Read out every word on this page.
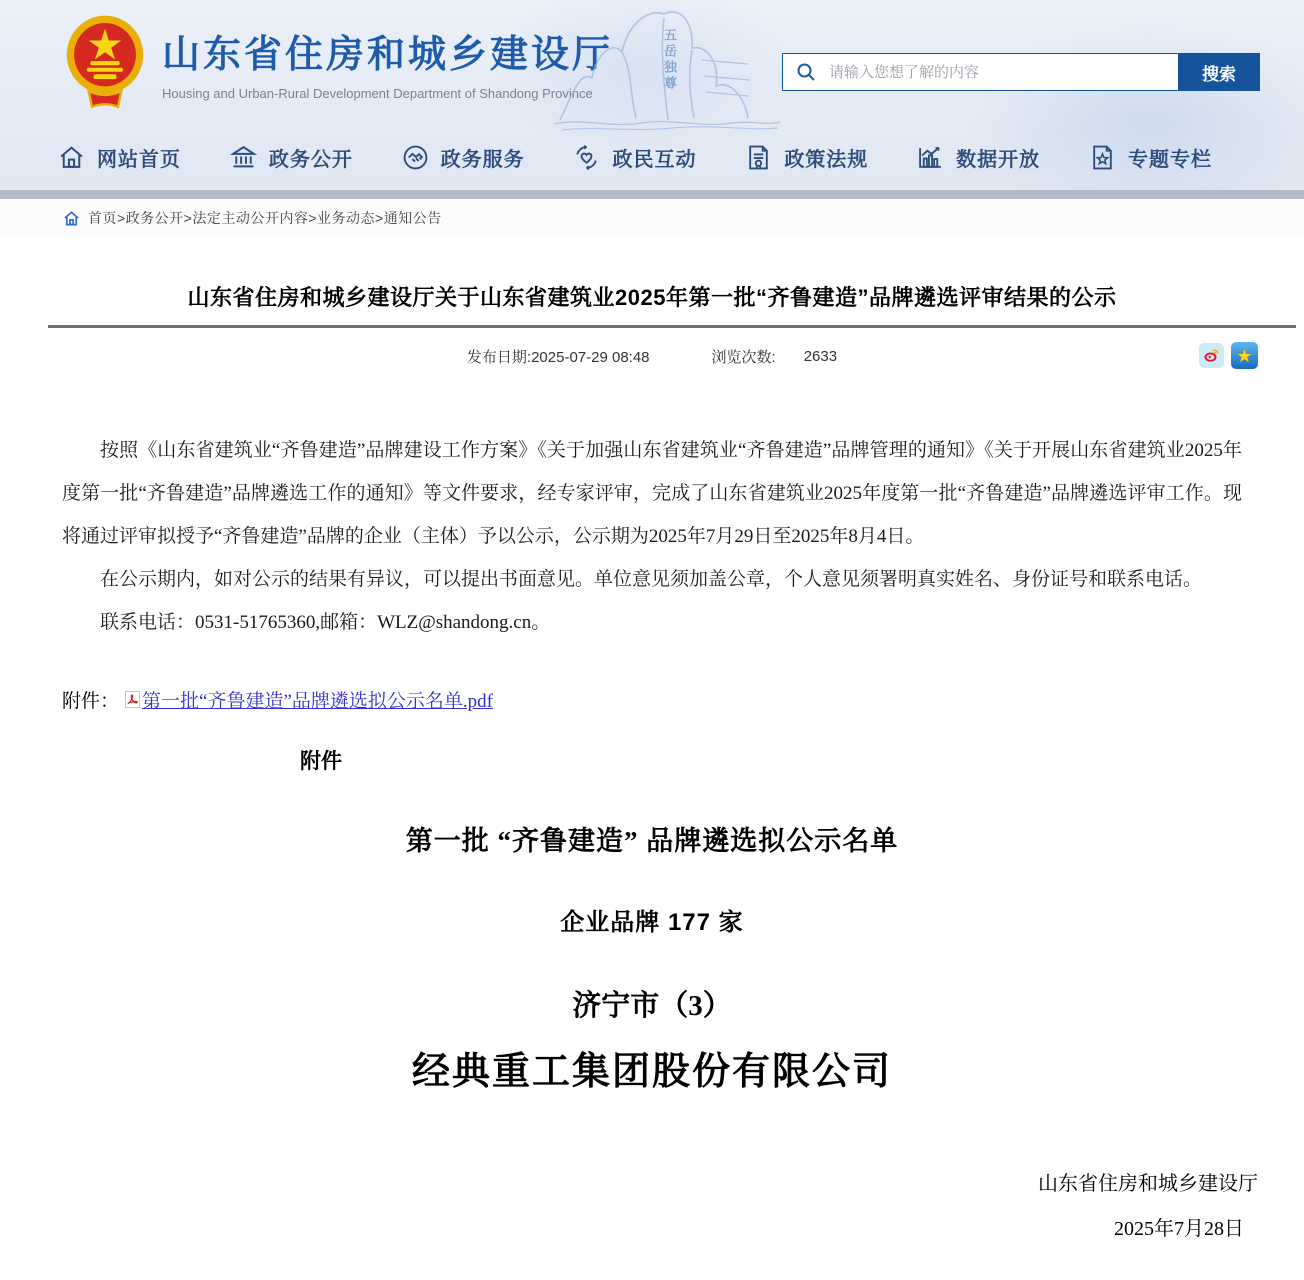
山东省住房和城乡建设厅
Housing and Urban-Rural Development Department of Shandong Province
五岳独尊
请输入您想了解的内容	搜索
网站首页	政务公开	政务服务	政民互动	政策法规	数据开放	专题专栏
首页>政务公开>法定主动公开内容>业务动态>通知公告
山东省住房和城乡建设厅关于山东省建筑业2025年第一批“齐鲁建造”品牌遴选评审结果的公示
发布日期:2025-07-29 08:48	浏览次数: 2633	★

按照《山东省建筑业“齐鲁建造”品牌建设工作方案》《关于加强山东省建筑业“齐鲁建造”品牌管理的通知》《关于开展山东省建筑业2025年度第一批“齐鲁建造”品牌遴选工作的通知》等文件要求，经专家评审，完成了山东省建筑业2025年度第一批“齐鲁建造”品牌遴选评审工作。现将通过评审拟授予“齐鲁建造”品牌的企业（主体）予以公示，公示期为2025年7月29日至2025年8月4日。

在公示期内，如对公示的结果有异议，可以提出书面意见。单位意见须加盖公章，个人意见须署明真实姓名、身份证号和联系电话。

联系电话：0531-51765360,邮箱：WLZ@shandong.cn。

附件： 第一批“齐鲁建造”品牌遴选拟公示名单.pdf
附件
第一批 “齐鲁建造” 品牌遴选拟公示名单
企业品牌 177 家
济宁市（3）
经典重工集团股份有限公司
山东省住房和城乡建设厅
2025年7月28日
